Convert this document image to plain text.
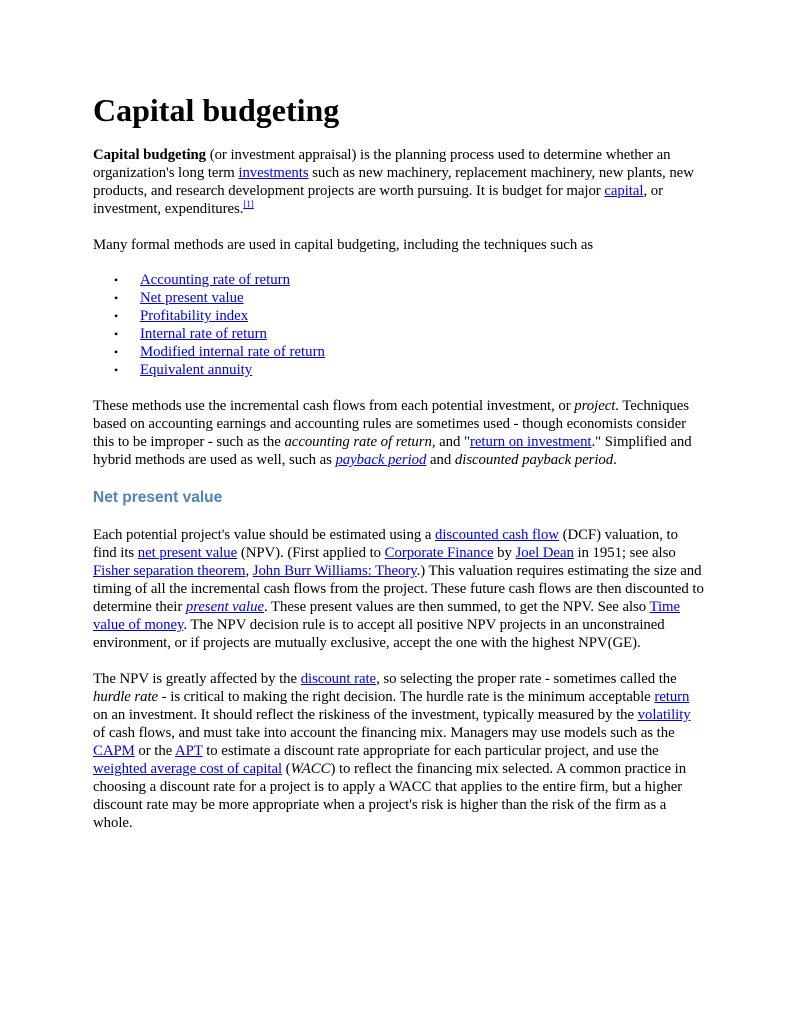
Capital budgeting

Capital budgeting (or investment appraisal) is the planning process used to determine whether an organization's long term investments such as new machinery, replacement machinery, new plants, new products, and research development projects are worth pursuing. It is budget for major capital, or investment, expenditures.[1]

Many formal methods are used in capital budgeting, including the techniques such as

• Accounting rate of return
• Net present value
• Profitability index
• Internal rate of return
• Modified internal rate of return
• Equivalent annuity

These methods use the incremental cash flows from each potential investment, or project. Techniques based on accounting earnings and accounting rules are sometimes used - though economists consider this to be improper - such as the accounting rate of return, and "return on investment." Simplified and hybrid methods are used as well, such as payback period and discounted payback period.

Net present value

Each potential project's value should be estimated using a discounted cash flow (DCF) valuation, to find its net present value (NPV). (First applied to Corporate Finance by Joel Dean in 1951; see also Fisher separation theorem, John Burr Williams: Theory.) This valuation requires estimating the size and timing of all the incremental cash flows from the project. These future cash flows are then discounted to determine their present value. These present values are then summed, to get the NPV. See also Time value of money. The NPV decision rule is to accept all positive NPV projects in an unconstrained environment, or if projects are mutually exclusive, accept the one with the highest NPV(GE).

The NPV is greatly affected by the discount rate, so selecting the proper rate - sometimes called the hurdle rate - is critical to making the right decision. The hurdle rate is the minimum acceptable return on an investment. It should reflect the riskiness of the investment, typically measured by the volatility of cash flows, and must take into account the financing mix. Managers may use models such as the CAPM or the APT to estimate a discount rate appropriate for each particular project, and use the weighted average cost of capital (WACC) to reflect the financing mix selected. A common practice in choosing a discount rate for a project is to apply a WACC that applies to the entire firm, but a higher discount rate may be more appropriate when a project's risk is higher than the risk of the firm as a whole.
